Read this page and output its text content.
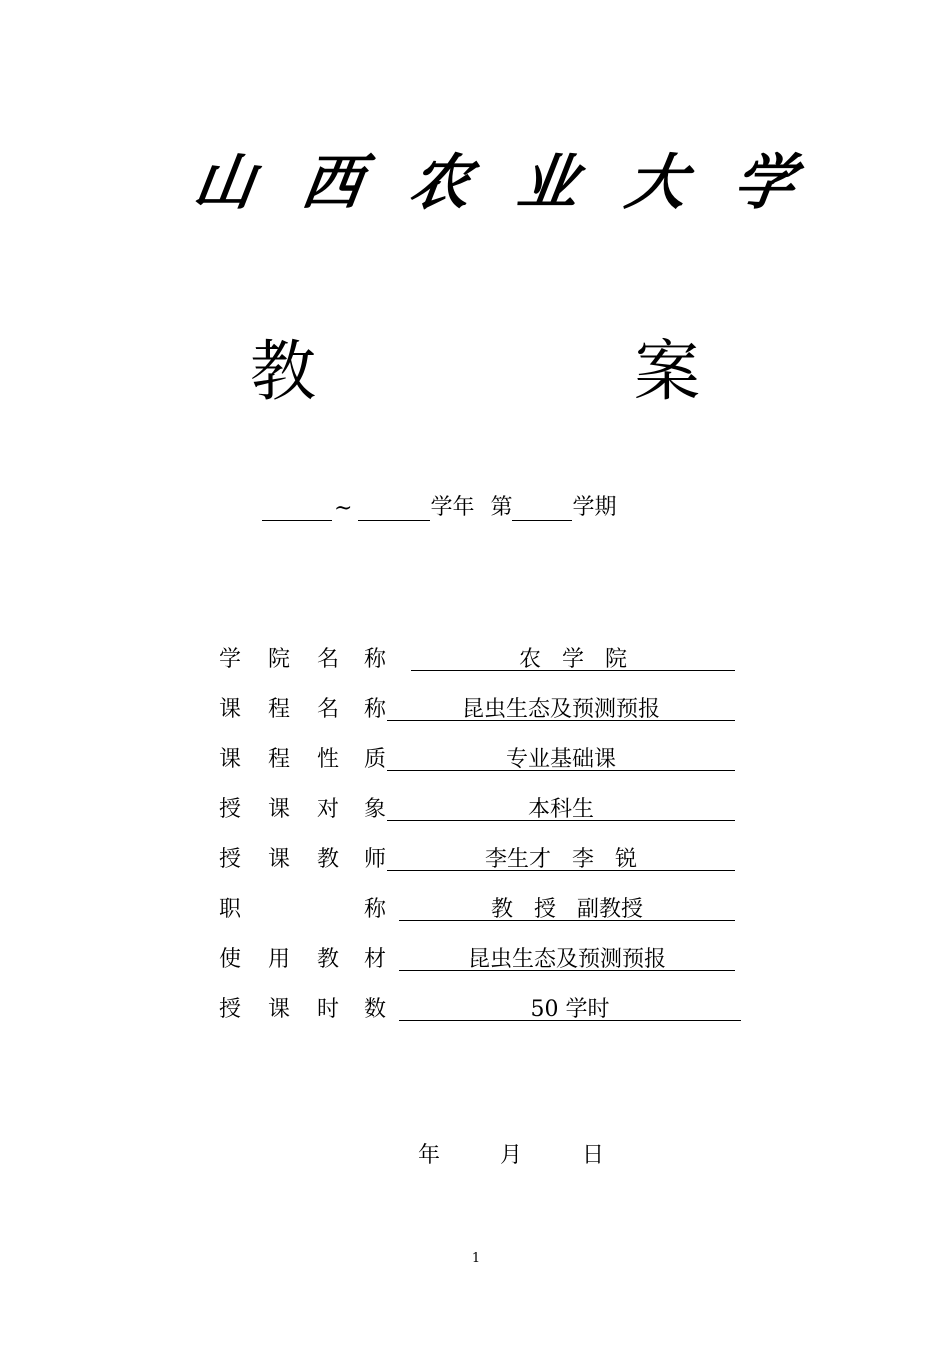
山 西 农 业 大 学
教	案
~	学年 第	学期
学 院 名 称	农   学   院
课 程 名 称	昆虫生态及预测预报
课 程 性 质	专业基础课
授 课 对 象	本科生
授 课 教 师	李生才   李   锐
职	称	教   授   副教授
使 用 教 材	昆虫生态及预测预报
授 课 时 数	50 学时
年	月	日
1
